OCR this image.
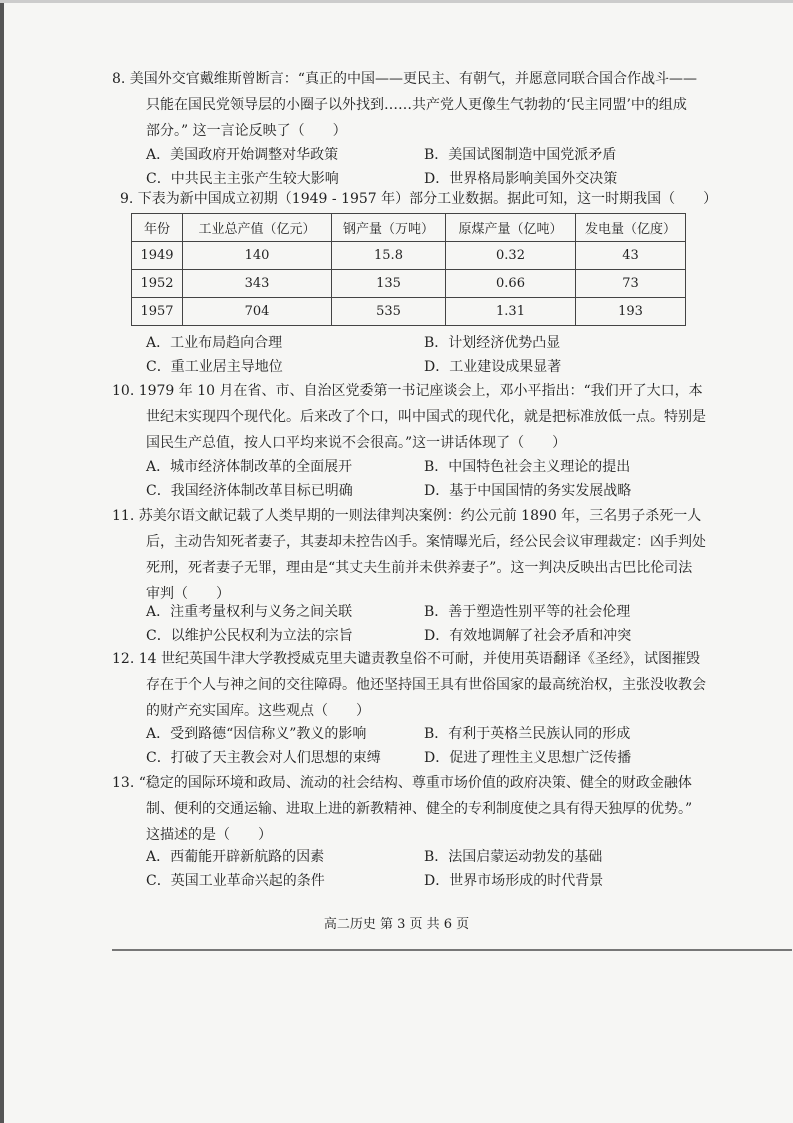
8. 美国外交官戴维斯曾断言：“真正的中国——更民主、有朝气，并愿意同联合国合作战斗——
只能在国民党领导层的小圈子以外找到……共产党人更像生气勃勃的‘民主同盟’中的组成
部分。” 这一言论反映了（　　）
A．美国政府开始调整对华政策	B．美国试图制造中国党派矛盾
C．中共民主主张产生较大影响	D．世界格局影响美国外交决策
9. 下表为新中国成立初期（1949 - 1957 年）部分工业数据。据此可知，这一时期我国（　　）
年份	工业总产值（亿元）	钢产量（万吨）	原煤产量（亿吨）	发电量（亿度）
1949	140	15.8	0.32	43
1952	343	135	0.66	73
1957	704	535	1.31	193
A．工业布局趋向合理	B．计划经济优势凸显
C．重工业居主导地位	D．工业建设成果显著
10. 1979 年 10 月在省、市、自治区党委第一书记座谈会上，邓小平指出：“我们开了大口，本
世纪末实现四个现代化。后来改了个口，叫中国式的现代化，就是把标准放低一点。特别是
国民生产总值，按人口平均来说不会很高。”这一讲话体现了（　　）
A．城市经济体制改革的全面展开	B．中国特色社会主义理论的提出
C．我国经济体制改革目标已明确	D．基于中国国情的务实发展战略
11. 苏美尔语文献记载了人类早期的一则法律判决案例：约公元前 1890 年，三名男子杀死一人
后，主动告知死者妻子，其妻却未控告凶手。案情曝光后，经公民会议审理裁定：凶手判处
死刑，死者妻子无罪，理由是“其丈夫生前并未供养妻子”。这一判决反映出古巴比伦司法
审判（　　）
A．注重考量权利与义务之间关联	B．善于塑造性别平等的社会伦理
C．以维护公民权利为立法的宗旨	D．有效地调解了社会矛盾和冲突
12. 14 世纪英国牛津大学教授威克里夫谴责教皇俗不可耐，并使用英语翻译《圣经》，试图摧毁
存在于个人与神之间的交往障碍。他还坚持国王具有世俗国家的最高统治权，主张没收教会
的财产充实国库。这些观点（　　）
A．受到路德“因信称义”教义的影响	B．有利于英格兰民族认同的形成
C．打破了天主教会对人们思想的束缚	D．促进了理性主义思想广泛传播
13. “稳定的国际环境和政局、流动的社会结构、尊重市场价值的政府决策、健全的财政金融体
制、便利的交通运输、进取上进的新教精神、健全的专利制度使之具有得天独厚的优势。”
这描述的是（　　）
A．西葡能开辟新航路的因素	B．法国启蒙运动勃发的基础
C．英国工业革命兴起的条件	D．世界市场形成的时代背景
高二历史 第 3 页 共 6 页
